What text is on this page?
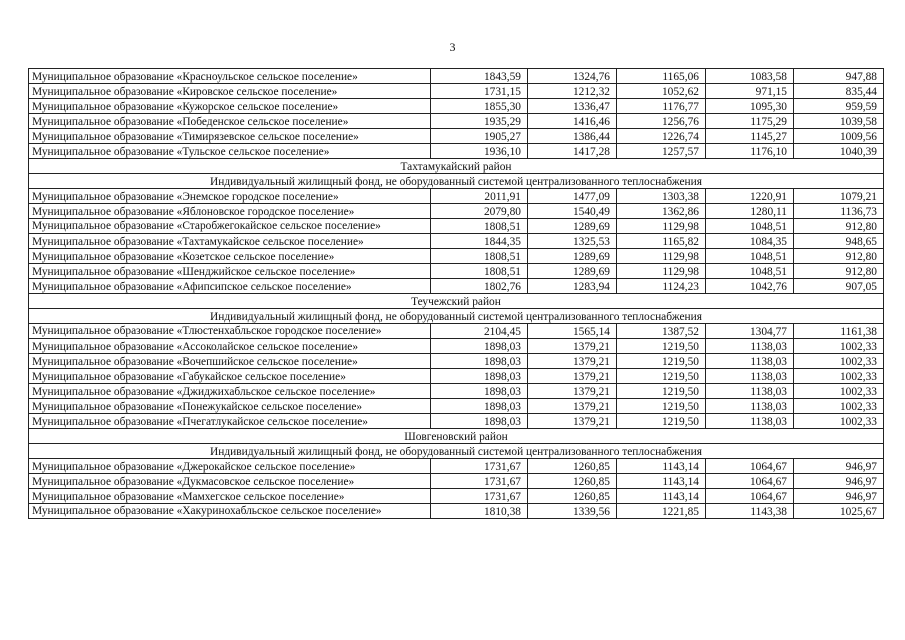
3
Муниципальное образование «Красноульское сельское поселение»	1843,59	1324,76	1165,06	1083,58	947,88
Муниципальное образование «Кировское сельское поселение»	1731,15	1212,32	1052,62	971,15	835,44
Муниципальное образование «Кужорское сельское поселение»	1855,30	1336,47	1176,77	1095,30	959,59
Муниципальное образование «Победенское сельское поселение»	1935,29	1416,46	1256,76	1175,29	1039,58
Муниципальное образование «Тимирязевское сельское поселение»	1905,27	1386,44	1226,74	1145,27	1009,56
Муниципальное образование «Тульское сельское поселение»	1936,10	1417,28	1257,57	1176,10	1040,39
Тахтамукайский район					
Индивидуальный жилищный фонд, не оборудованный системой централизованного теплоснабжения					
Муниципальное образование «Энемское городское поселение»	2011,91	1477,09	1303,38	1220,91	1079,21
Муниципальное образование «Яблоновское городское поселение»	2079,80	1540,49	1362,86	1280,11	1136,73
Муниципальное образование «Старобжегокайское сельское поселение»	1808,51	1289,69	1129,98	1048,51	912,80
Муниципальное образование «Тахтамукайское сельское поселение»	1844,35	1325,53	1165,82	1084,35	948,65
Муниципальное образование «Козетское сельское поселение»	1808,51	1289,69	1129,98	1048,51	912,80
Муниципальное образование «Шенджийское сельское поселение»	1808,51	1289,69	1129,98	1048,51	912,80
Муниципальное образование «Афипсипское сельское поселение»	1802,76	1283,94	1124,23	1042,76	907,05
Теучежский район					
Индивидуальный жилищный фонд, не оборудованный системой централизованного теплоснабжения					
Муниципальное образование «Тлюстенхабльское городское поселение»	2104,45	1565,14	1387,52	1304,77	1161,38
Муниципальное образование «Ассоколайское сельское поселение»	1898,03	1379,21	1219,50	1138,03	1002,33
Муниципальное образование «Вочепшийское сельское поселение»	1898,03	1379,21	1219,50	1138,03	1002,33
Муниципальное образование «Габукайское сельское поселение»	1898,03	1379,21	1219,50	1138,03	1002,33
Муниципальное образование «Джиджихабльское сельское поселение»	1898,03	1379,21	1219,50	1138,03	1002,33
Муниципальное образование «Понежукайское сельское поселение»	1898,03	1379,21	1219,50	1138,03	1002,33
Муниципальное образование «Пчегатлукайское сельское поселение»	1898,03	1379,21	1219,50	1138,03	1002,33
Шовгеновский район					
Индивидуальный жилищный фонд, не оборудованный системой централизованного теплоснабжения					
Муниципальное образование «Джерокайское сельское поселение»	1731,67	1260,85	1143,14	1064,67	946,97
Муниципальное образование «Дукмасовское сельское поселение»	1731,67	1260,85	1143,14	1064,67	946,97
Муниципальное образование «Мамхегское сельское поселение»	1731,67	1260,85	1143,14	1064,67	946,97
Муниципальное образование «Хакуринохабльское сельское поселение»	1810,38	1339,56	1221,85	1143,38	1025,67
